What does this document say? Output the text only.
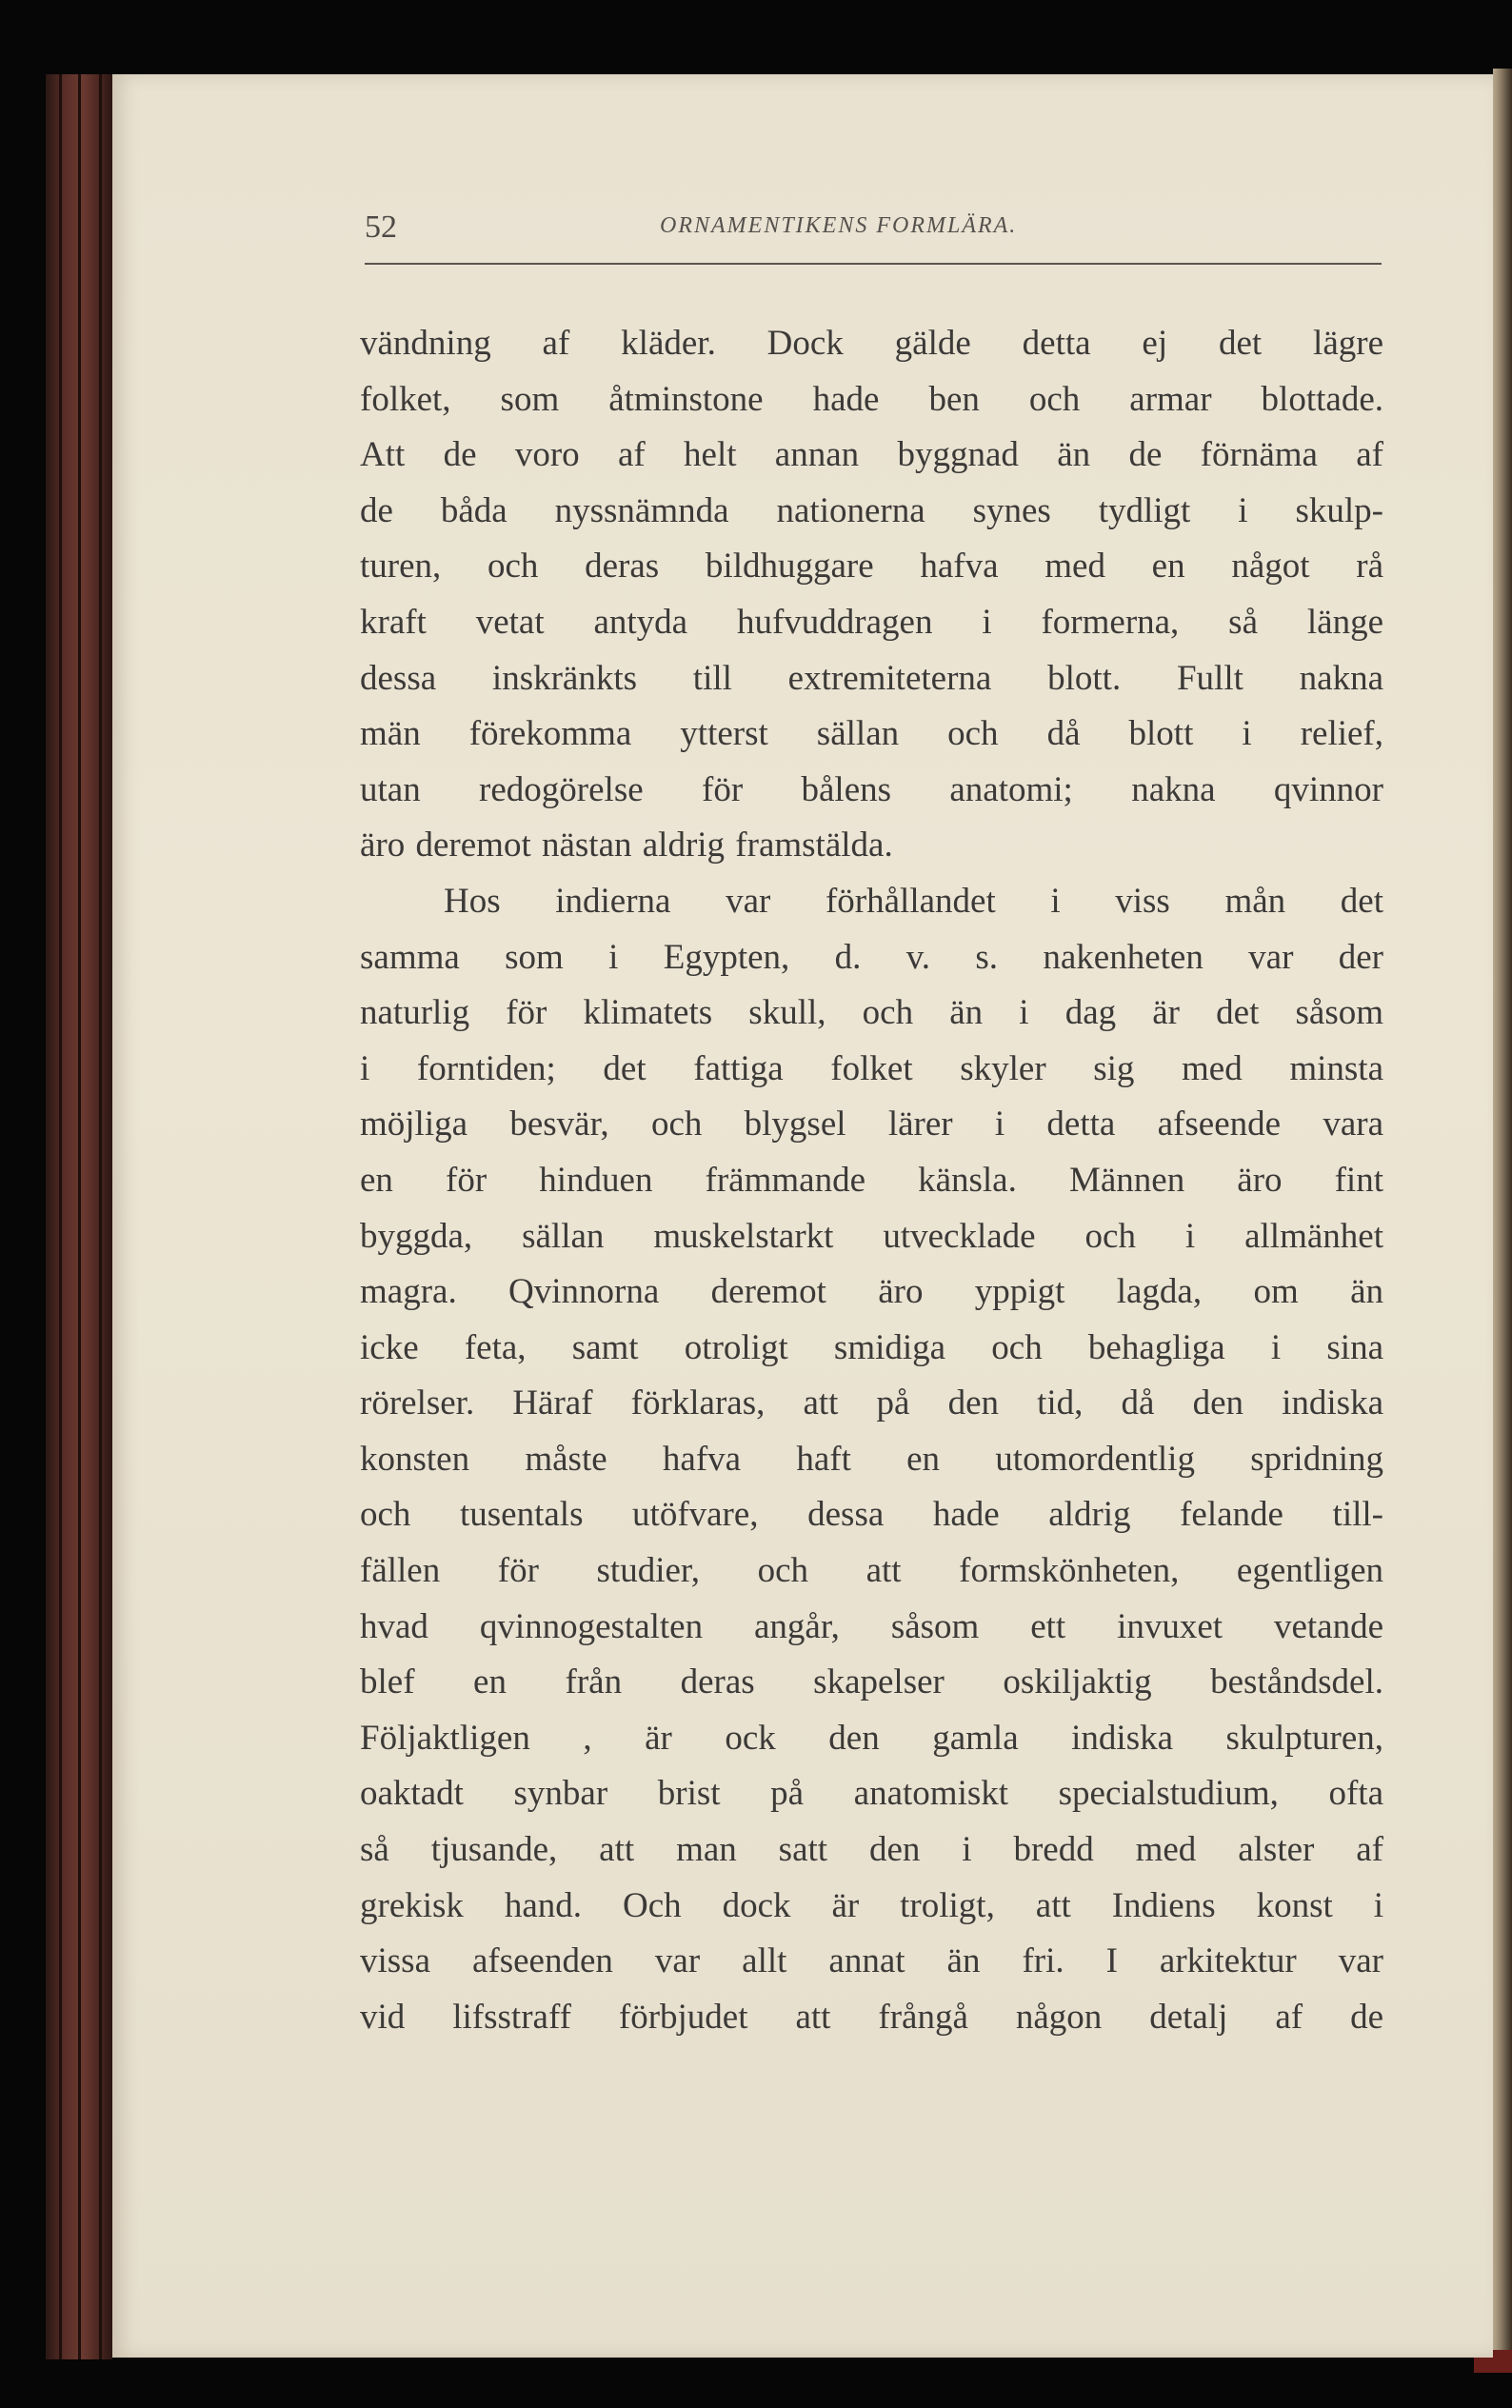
52	ORNAMENTIKENS FORMLÄRA.
vändning af kläder. Dock gälde detta ej det lägre
folket, som åtminstone hade ben och armar blottade.
Att de voro af helt annan byggnad än de förnäma af
de båda nyssnämnda nationerna synes tydligt i skulp-
turen, och deras bildhuggare hafva med en något rå
kraft vetat antyda hufvuddragen i formerna, så länge
dessa inskränkts till extremiteterna blott. Fullt nakna
män förekomma ytterst sällan och då blott i relief,
utan redogörelse för bålens anatomi; nakna qvinnor
äro deremot nästan aldrig framstälda.
Hos indierna var förhållandet i viss mån det
samma som i Egypten, d. v. s. nakenheten var der
naturlig för klimatets skull, och än i dag är det såsom
i forntiden; det fattiga folket skyler sig med minsta
möjliga besvär, och blygsel lärer i detta afseende vara
en för hinduen främmande känsla. Männen äro fint
byggda, sällan muskelstarkt utvecklade och i allmänhet
magra. Qvinnorna deremot äro yppigt lagda, om än
icke feta, samt otroligt smidiga och behagliga i sina
rörelser. Häraf förklaras, att på den tid, då den indiska
konsten måste hafva haft en utomordentlig spridning
och tusentals utöfvare, dessa hade aldrig felande till-
fällen för studier, och att formskönheten, egentligen
hvad qvinnogestalten angår, såsom ett invuxet vetande
blef en från deras skapelser oskiljaktig beståndsdel.
Följaktligen , är ock den gamla indiska skulpturen,
oaktadt synbar brist på anatomiskt specialstudium, ofta
så tjusande, att man satt den i bredd med alster af
grekisk hand. Och dock är troligt, att Indiens konst i
vissa afseenden var allt annat än fri. I arkitektur var
vid lifsstraff förbjudet att frångå någon detalj af de
